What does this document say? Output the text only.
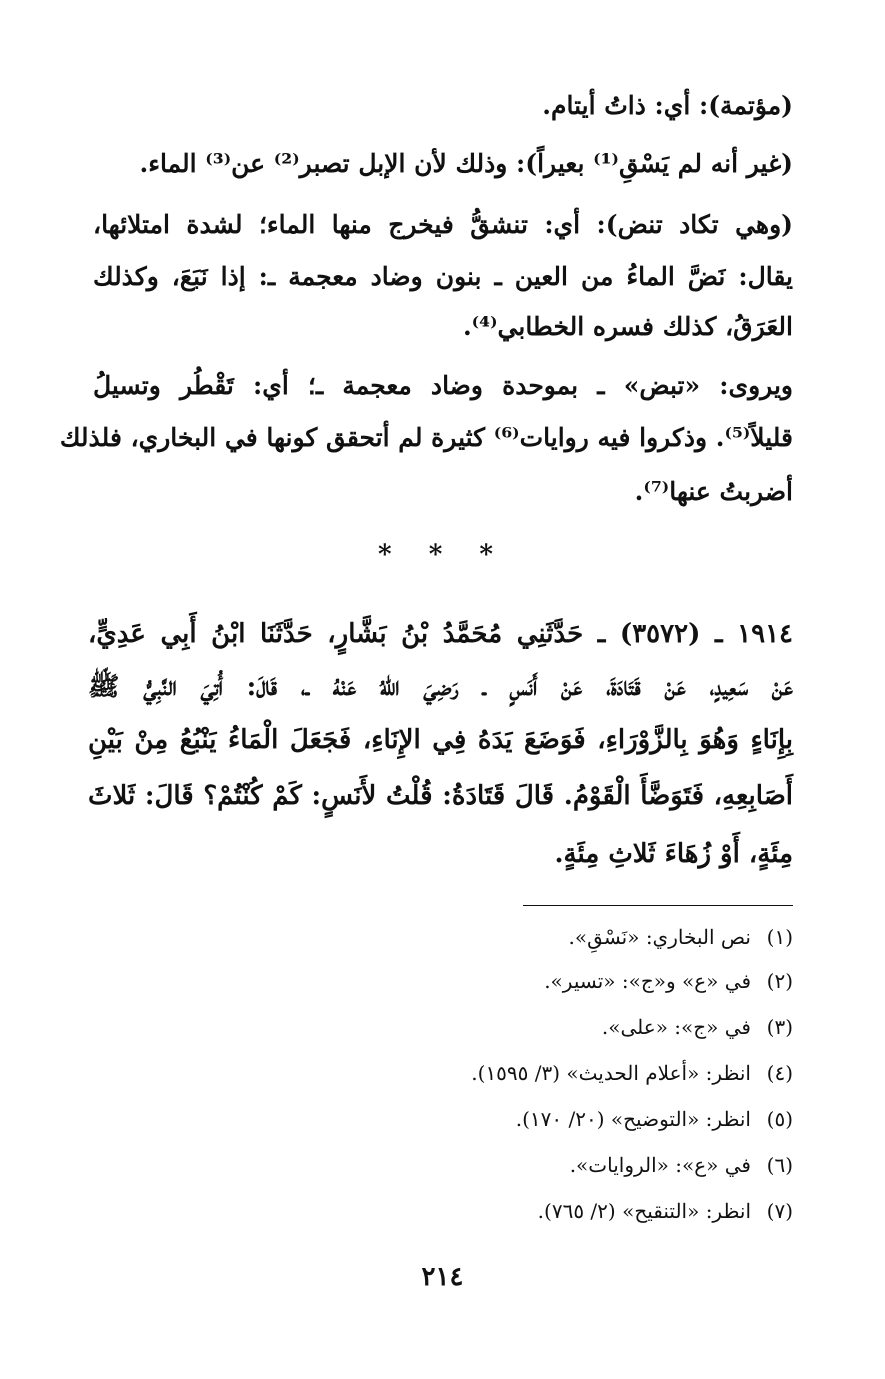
(مؤتمة): أي: ذاتُ أيتام.
(غير أنه لم يَسْقِ⁽¹⁾ بعيراً): وذلك لأن الإبل تصبر⁽²⁾ عن⁽³⁾ الماء.
(وهي تكاد تنض): أي: تنشقُّ فيخرج منها الماء؛ لشدة امتلائها،
يقال: نَضَّ الماءُ من العين ـ بنون وضاد معجمة ـ: إذا نَبَعَ، وكذلك
العَرَقُ، كذلك فسره الخطابي⁽⁴⁾.
ويروى: «تبض» ـ بموحدة وضاد معجمة ـ؛ أي: تَقْطُر وتسيلُ
قليلاً⁽⁵⁾. وذكروا فيه روايات⁽⁶⁾ كثيرة لم أتحقق كونها في البخاري، فلذلك
أضربتُ عنها⁽⁷⁾.
* * *
١٩١٤ ـ (٣٥٧٢) ـ حَدَّثَنِي مُحَمَّدُ بْنُ بَشَّارٍ، حَدَّثَنَا ابْنُ أَبِي عَدِيٍّ،
عَنْ سَعِيدٍ، عَنْ قَتَادَةَ، عَنْ أَنَسٍ ـ رَضِيَ اللهُ عَنْهُ ـ، قَالَ: أُتِيَ النَّبِيُّ ﷺ
بِإِنَاءٍ وَهُوَ بِالزَّوْرَاءِ، فَوَضَعَ يَدَهُ فِي الإِنَاءِ، فَجَعَلَ الْمَاءُ يَنْبُعُ مِنْ بَيْنِ
أَصَابِعِهِ، فَتَوَضَّأَ الْقَوْمُ. قَالَ قَتَادَةُ: قُلْتُ لأَنَسٍ: كَمْ كُنْتُمْ؟ قَالَ: ثَلاثَ
مِئَةٍ، أَوْ زُهَاءَ ثَلاثِ مِئَةٍ.
(١)نص البخاري: «نَسْقِ».
(٢)في «ع» و«ج»: «تسير».
(٣)في «ج»: «على».
(٤)انظر: «أعلام الحديث» (٣/ ١٥٩٥).
(٥)انظر: «التوضيح» (٢٠/ ١٧٠).
(٦)في «ع»: «الروايات».
(٧)انظر: «التنقيح» (٢/ ٧٦٥).
٢١٤
